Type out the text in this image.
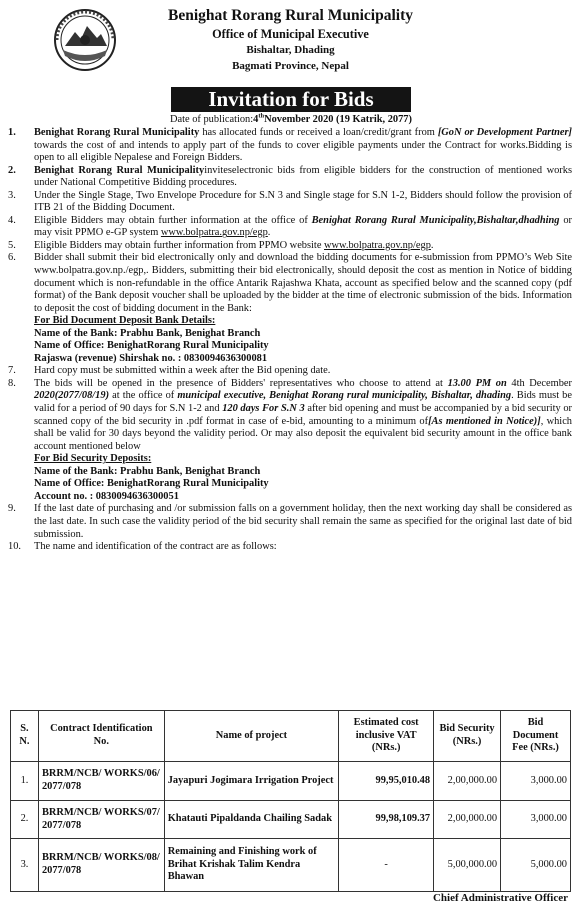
Benighat Rorang Rural Municipality
Office of Municipal Executive
Bishaltar, Dhading
Bagmati Province, Nepal
Invitation for Bids
Date of publication:4thNovember 2020 (19 Katrik, 2077)
1.	Benighat Rorang Rural Municipality has allocated funds or received a loan/credit/grant from [GoN or Development Partner] towards the cost of and intends to apply part of the funds to cover eligible payments under the Contract for works.Bidding is open to all eligible Nepalese and Foreign Bidders.
2.	Benighat Rorang Rural Municipalityinviteselectronic bids from eligible bidders for the construction of mentioned works under National Competitive Bidding procedures.
3.	Under the Single Stage, Two Envelope Procedure for S.N 3 and Single stage for S.N 1-2, Bidders should follow the provision of ITB 21 of the Bidding Document.
4.	Eligible Bidders may obtain further information at the office of Benighat Rorang Rural Municipality,Bishaltar,dhadhing or may visit PPMO e-GP system www.bolpatra.gov.np/egp.
5.	Eligible Bidders may obtain further information from PPMO website www.bolpatra.gov.np/egp.
6.	Bidder shall submit their bid electronically only and download the bidding documents for e-submission from PPMO’s Web Site www.bolpatra.gov.np./egp,. Bidders, submitting their bid electronically, should deposit the cost as mention in Notice of bidding document which is non-refundable in the office Antarik Rajashwa Khata, account as specified below and the scanned copy (pdf format) of the Bank deposit voucher shall be uploaded by the bidder at the time of electronic submission of the bids. Information to deposit the cost of bidding document in the Bank:
For Bid Document Deposit Bank Details:
Name of the Bank: Prabhu Bank, Benighat Branch
Name of Office: BenighatRorang Rural Municipality
Rajaswa (revenue) Shirshak no. : 0830094636300081
7.	Hard copy must be submitted within a week after the Bid opening date.
8.	The bids will be opened in the presence of Bidders' representatives who choose to attend at 13.00 PM on 4th December 2020(2077/08/19) at the office of municipal executive, Benighat Rorang rural municipality, Bishaltar, dhading. Bids must be valid for a period of 90 days for S.N 1-2 and 120 days For S.N 3 after bid opening and must be accompanied by a bid security or scanned copy of the bid security in .pdf format in case of e-bid, amounting to a minimum of[As mentioned in Notice)], which shall be valid for 30 days beyond the validity period. Or may also deposit the equivalent bid security amount in the office bank account mentioned below
For Bid Security Deposits:
Name of the Bank: Prabhu Bank, Benighat Branch
Name of Office: BenighatRorang Rural Municipality
Account no. : 0830094636300051
9.	If the last date of purchasing and /or submission falls on a government holiday, then the next working day shall be considered as the last date. In such case the validity period of the bid security shall remain the same as specified for the original last date of bid submission.
10.	The name and identification of the contract are as follows:
S. N.	Contract Identification No.	Name of project	Estimated cost inclusive VAT (NRs.)	Bid Security (NRs.)	Bid Document Fee (NRs.)
1.	BRRM/NCB/ WORKS/06/ 2077/078	Jayapuri Jogimara Irrigation Project	99,95,010.48	2,00,000.00	3,000.00
2.	BRRM/NCB/ WORKS/07/ 2077/078	Khatauti Pipaldanda Chailing Sadak	99,98,109.37	2,00,000.00	3,000.00
3.	BRRM/NCB/ WORKS/08/ 2077/078	Remaining and Finishing work of Brihat Krishak Talim Kendra Bhawan	-	5,00,000.00	5,000.00
Chief Administrative Officer
